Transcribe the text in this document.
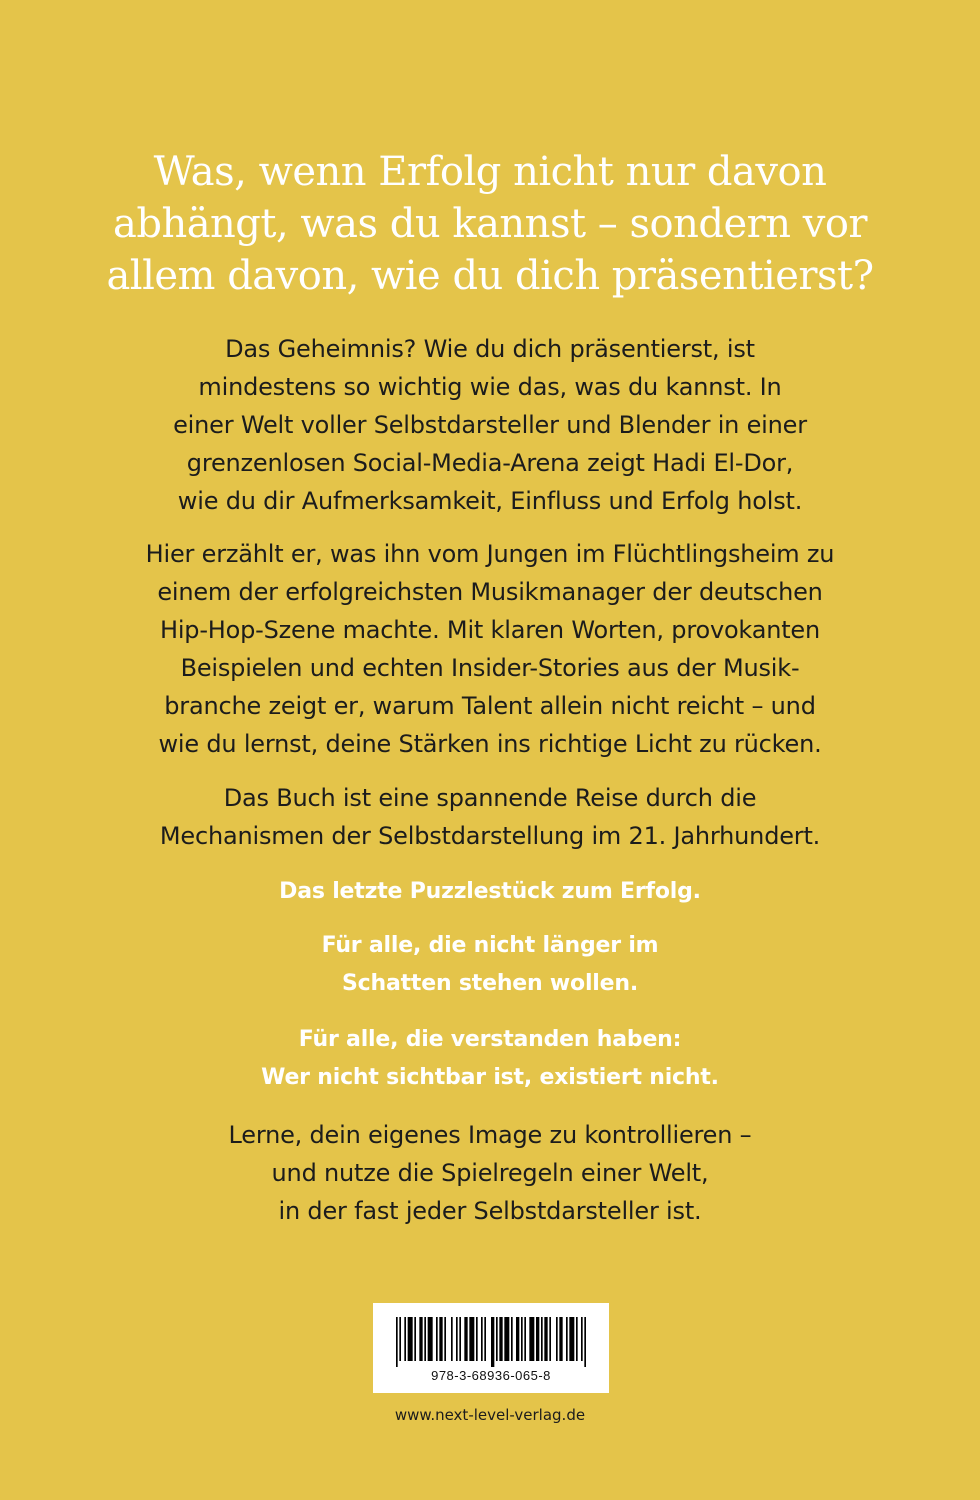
Was, wenn Erfolg nicht nur davon
abhängt, was du kannst – sondern vor
allem davon, wie du dich präsentierst?

Das Geheimnis? Wie du dich präsentierst, ist
mindestens so wichtig wie das, was du kannst. In
einer Welt voller Selbstdarsteller und Blender in einer
grenzenlosen Social-Media-Arena zeigt Hadi El-Dor,
wie du dir Aufmerksamkeit, Einfluss und Erfolg holst.

Hier erzählt er, was ihn vom Jungen im Flüchtlingsheim zu
einem der erfolgreichsten Musikmanager der deutschen
Hip-Hop-Szene machte. Mit klaren Worten, provokanten
Beispielen und echten Insider-Stories aus der Musik-
branche zeigt er, warum Talent allein nicht reicht – und
wie du lernst, deine Stärken ins richtige Licht zu rücken.

Das Buch ist eine spannende Reise durch die
Mechanismen der Selbstdarstellung im 21. Jahrhundert.

Das letzte Puzzlestück zum Erfolg.

Für alle, die nicht länger im
Schatten stehen wollen.

Für alle, die verstanden haben:
Wer nicht sichtbar ist, existiert nicht.

Lerne, dein eigenes Image zu kontrollieren –
und nutze die Spielregeln einer Welt,
in der fast jeder Selbstdarsteller ist.

978-3-68936-065-8
www.next-level-verlag.de
